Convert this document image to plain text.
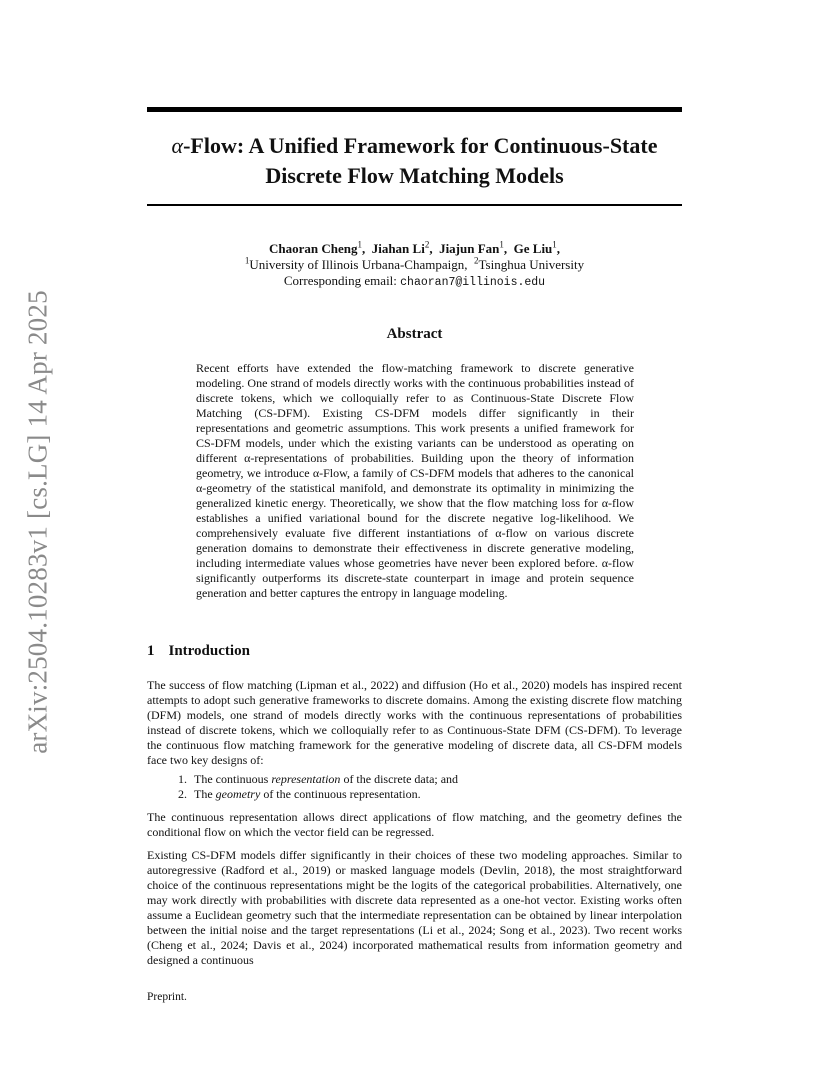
arXiv:2504.10283v1 [cs.LG] 14 Apr 2025
α-Flow: A Unified Framework for Continuous-State
Discrete Flow Matching Models
Chaoran Cheng$^1$,  Jiahan Li$^2$,  Jiajun Fan$^1$,  Ge Liu$^1$,
$^1$University of Illinois Urbana-Champaign,  $^2$Tsinghua University
Corresponding email: chaoran7@illinois.edu
Abstract

Recent efforts have extended the flow-matching framework to discrete generative modeling. One strand of models directly works with the continuous probabilities instead of discrete tokens, which we colloquially refer to as Continuous-State Discrete Flow Matching (CS-DFM). Existing CS-DFM models differ significantly in their representations and geometric assumptions. This work presents a unified framework for CS-DFM models, under which the existing variants can be understood as operating on different α-representations of probabilities. Building upon the theory of information geometry, we introduce α-Flow, a family of CS-DFM models that adheres to the canonical α-geometry of the statistical manifold, and demonstrate its optimality in minimizing the generalized kinetic energy. Theoretically, we show that the flow matching loss for α-flow establishes a unified variational bound for the discrete negative log-likelihood. We comprehensively evaluate five different instantiations of α-flow on various discrete generation domains to demonstrate their effectiveness in discrete generative modeling, including intermediate values whose geometries have never been explored before. α-flow significantly outperforms its discrete-state counterpart in image and protein sequence generation and better captures the entropy in language modeling.

1 Introduction

The success of flow matching (Lipman et al., 2022) and diffusion (Ho et al., 2020) models has inspired recent attempts to adopt such generative frameworks to discrete domains. Among the existing discrete flow matching (DFM) models, one strand of models directly works with the continuous representations of probabilities instead of discrete tokens, which we colloquially refer to as Continuous-State DFM (CS-DFM). To leverage the continuous flow matching framework for the generative modeling of discrete data, all CS-DFM models face two key designs of:

1. The continuous representation of the discrete data; and
2. The geometry of the continuous representation.

The continuous representation allows direct applications of flow matching, and the geometry defines the conditional flow on which the vector field can be regressed.

Existing CS-DFM models differ significantly in their choices of these two modeling approaches. Similar to autoregressive (Radford et al., 2019) or masked language models (Devlin, 2018), the most straightforward choice of the continuous representations might be the logits of the categorical probabilities. Alternatively, one may work directly with probabilities with discrete data represented as a one-hot vector. Existing works often assume a Euclidean geometry such that the intermediate representation can be obtained by linear interpolation between the initial noise and the target representations (Li et al., 2024; Song et al., 2023). Two recent works (Cheng et al., 2024; Davis et al., 2024) incorporated mathematical results from information geometry and designed a continuous

Preprint.
